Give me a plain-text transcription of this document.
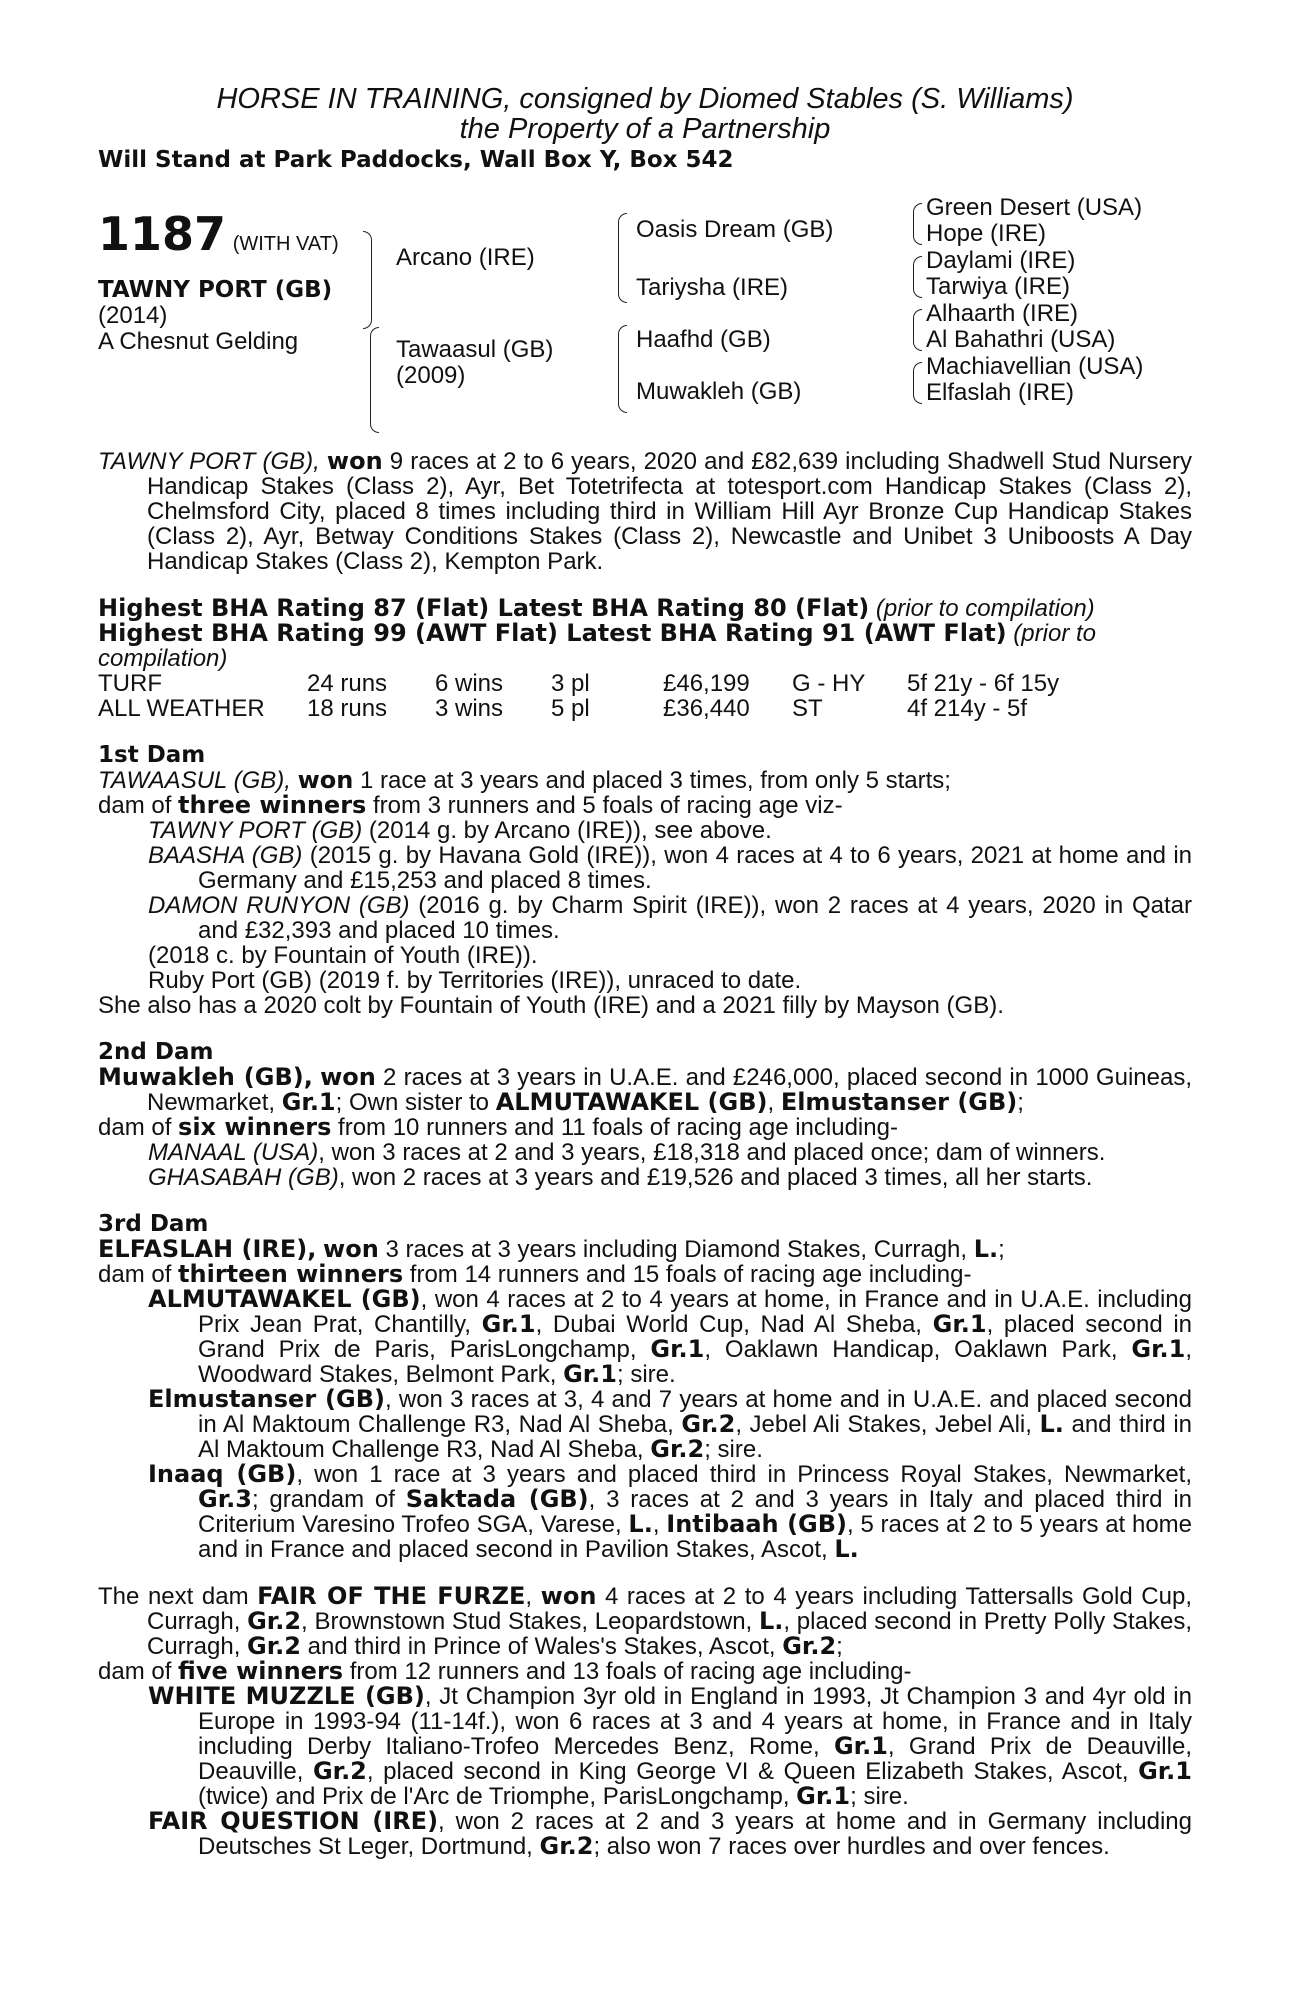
HORSE IN TRAINING, consigned by Diomed Stables (S. Williams)
the Property of a Partnership
Will Stand at Park Paddocks, Wall Box Y, Box 542
1187 (WITH VAT)
TAWNY PORT (GB)
(2014)
A Chesnut Gelding
Arcano (IRE)
Tawaasul (GB)
(2009)
Oasis Dream (GB)
Tariysha (IRE)
Haafhd (GB)
Muwakleh (GB)
Green Desert (USA)
Hope (IRE)
Daylami (IRE)
Tarwiya (IRE)
Alhaarth (IRE)
Al Bahathri (USA)
Machiavellian (USA)
Elfaslah (IRE)
TAWNY PORT (GB), won 9 races at 2 to 6 years, 2020 and £82,639 including Shadwell Stud Nursery Handicap Stakes (Class 2), Ayr, Bet Totetrifecta at totesport.com Handicap Stakes (Class 2), Chelmsford City, placed 8 times including third in William Hill Ayr Bronze Cup Handicap Stakes (Class 2), Ayr, Betway Conditions Stakes (Class 2), Newcastle and Unibet 3 Uniboosts A Day Handicap Stakes (Class 2), Kempton Park.
Highest BHA Rating 87 (Flat) Latest BHA Rating 80 (Flat) (prior to compilation)
Highest BHA Rating 99 (AWT Flat) Latest BHA Rating 91 (AWT Flat) (prior to compilation)
TURF	24 runs	6 wins	3 pl	£46,199	G - HY	5f 21y - 6f 15y
ALL WEATHER	18 runs	3 wins	5 pl	£36,440	ST	4f 214y - 5f
1st Dam
TAWAASUL (GB), won 1 race at 3 years and placed 3 times, from only 5 starts;
dam of three winners from 3 runners and 5 foals of racing age viz-
TAWNY PORT (GB) (2014 g. by Arcano (IRE)), see above.
BAASHA (GB) (2015 g. by Havana Gold (IRE)), won 4 races at 4 to 6 years, 2021 at home and in Germany and £15,253 and placed 8 times.
DAMON RUNYON (GB) (2016 g. by Charm Spirit (IRE)), won 2 races at 4 years, 2020 in Qatar and £32,393 and placed 10 times.
(2018 c. by Fountain of Youth (IRE)).
Ruby Port (GB) (2019 f. by Territories (IRE)), unraced to date.
She also has a 2020 colt by Fountain of Youth (IRE) and a 2021 filly by Mayson (GB).
2nd Dam
Muwakleh (GB), won 2 races at 3 years in U.A.E. and £246,000, placed second in 1000 Guineas, Newmarket, Gr.1; Own sister to ALMUTAWAKEL (GB), Elmustanser (GB);
dam of six winners from 10 runners and 11 foals of racing age including-
MANAAL (USA), won 3 races at 2 and 3 years, £18,318 and placed once; dam of winners.
GHASABAH (GB), won 2 races at 3 years and £19,526 and placed 3 times, all her starts.
3rd Dam
ELFASLAH (IRE), won 3 races at 3 years including Diamond Stakes, Curragh, L.;
dam of thirteen winners from 14 runners and 15 foals of racing age including-
ALMUTAWAKEL (GB), won 4 races at 2 to 4 years at home, in France and in U.A.E. including Prix Jean Prat, Chantilly, Gr.1, Dubai World Cup, Nad Al Sheba, Gr.1, placed second in Grand Prix de Paris, ParisLongchamp, Gr.1, Oaklawn Handicap, Oaklawn Park, Gr.1, Woodward Stakes, Belmont Park, Gr.1; sire.
Elmustanser (GB), won 3 races at 3, 4 and 7 years at home and in U.A.E. and placed second in Al Maktoum Challenge R3, Nad Al Sheba, Gr.2, Jebel Ali Stakes, Jebel Ali, L. and third in Al Maktoum Challenge R3, Nad Al Sheba, Gr.2; sire.
Inaaq (GB), won 1 race at 3 years and placed third in Princess Royal Stakes, Newmarket, Gr.3; grandam of Saktada (GB), 3 races at 2 and 3 years in Italy and placed third in Criterium Varesino Trofeo SGA, Varese, L., Intibaah (GB), 5 races at 2 to 5 years at home and in France and placed second in Pavilion Stakes, Ascot, L.
The next dam FAIR OF THE FURZE, won 4 races at 2 to 4 years including Tattersalls Gold Cup, Curragh, Gr.2, Brownstown Stud Stakes, Leopardstown, L., placed second in Pretty Polly Stakes, Curragh, Gr.2 and third in Prince of Wales's Stakes, Ascot, Gr.2;
dam of five winners from 12 runners and 13 foals of racing age including-
WHITE MUZZLE (GB), Jt Champion 3yr old in England in 1993, Jt Champion 3 and 4yr old in Europe in 1993-94 (11-14f.), won 6 races at 3 and 4 years at home, in France and in Italy including Derby Italiano-Trofeo Mercedes Benz, Rome, Gr.1, Grand Prix de Deauville, Deauville, Gr.2, placed second in King George VI & Queen Elizabeth Stakes, Ascot, Gr.1 (twice) and Prix de l'Arc de Triomphe, ParisLongchamp, Gr.1; sire.
FAIR QUESTION (IRE), won 2 races at 2 and 3 years at home and in Germany including Deutsches St Leger, Dortmund, Gr.2; also won 7 races over hurdles and over fences.
